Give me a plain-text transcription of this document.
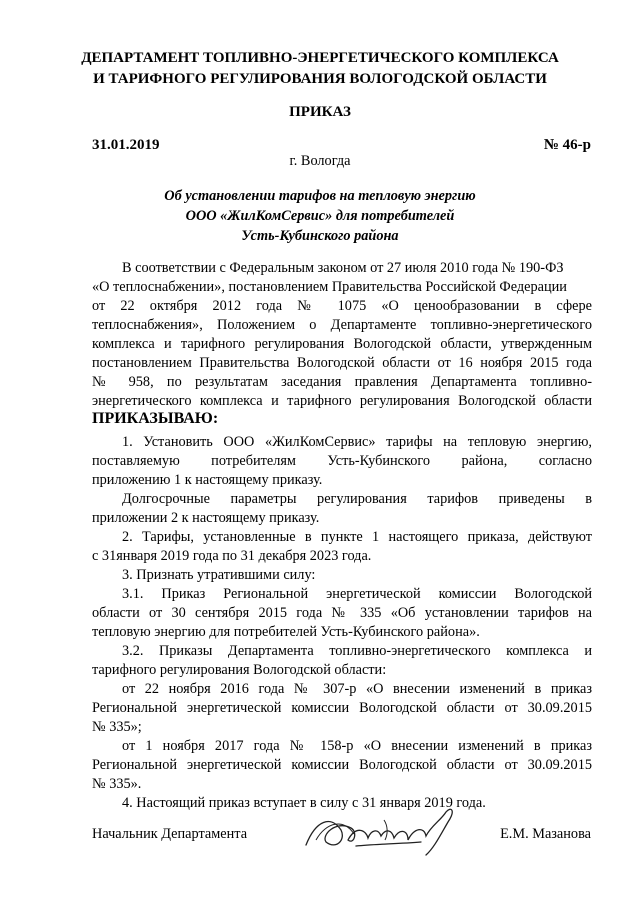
ДЕПАРТАМЕНТ ТОПЛИВНО-ЭНЕРГЕТИЧЕСКОГО КОМПЛЕКСА
И ТАРИФНОГО РЕГУЛИРОВАНИЯ ВОЛОГОДСКОЙ ОБЛАСТИ
ПРИКАЗ
31.01.2019	№ 46-р
г. Вологда
Об установлении тарифов на тепловую энергию
ООО «ЖилКомСервис» для потребителей
Усть-Кубинского района
В соответствии с Федеральным законом от 27 июля 2010 года № 190-ФЗ
«О теплоснабжении», постановлением Правительства Российской Федерации
от 22 октября 2012 года № 1075 «О ценообразовании в сфере
теплоснабжения», Положением о Департаменте топливно-энергетического
комплекса и тарифного регулирования Вологодской области, утвержденным
постановлением Правительства Вологодской области от 16 ноября 2015 года
№ 958, по результатам заседания правления Департамента топливно-
энергетического комплекса и тарифного регулирования Вологодской области
ПРИКАЗЫВАЮ:
1. Установить ООО «ЖилКомСервис» тарифы на тепловую энергию,
поставляемую потребителям Усть-Кубинского района, согласно
приложению 1 к настоящему приказу.
Долгосрочные параметры регулирования тарифов приведены в
приложении 2 к настоящему приказу.
2. Тарифы, установленные в пункте 1 настоящего приказа, действуют
с 31января 2019 года по 31 декабря 2023 года.
3. Признать утратившими силу:
3.1. Приказ Региональной энергетической комиссии Вологодской
области от 30 сентября 2015 года № 335 «Об установлении тарифов на
тепловую энергию для потребителей Усть-Кубинского района».
3.2. Приказы Департамента топливно-энергетического комплекса и
тарифного регулирования Вологодской области:
от 22 ноября 2016 года № 307-р «О внесении изменений в приказ
Региональной энергетической комиссии Вологодской области от 30.09.2015
№ 335»;
от 1 ноября 2017 года № 158-р «О внесении изменений в приказ
Региональной энергетической комиссии Вологодской области от 30.09.2015
№ 335».
4. Настоящий приказ вступает в силу с 31 января 2019 года.
Начальник Департамента	Е.М. Мазанова
